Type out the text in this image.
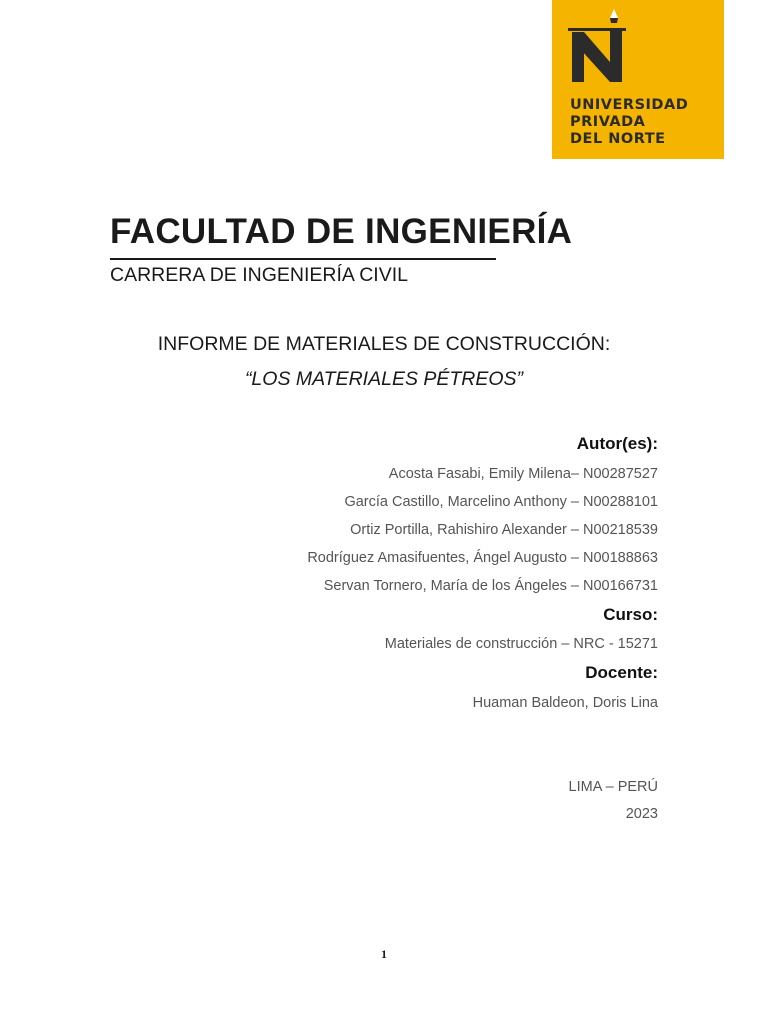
UNIVERSIDAD
PRIVADA
DEL NORTE

FACULTAD DE INGENIERÍA

CARRERA DE INGENIERÍA CIVIL

INFORME DE MATERIALES DE CONSTRUCCIÓN:

“LOS MATERIALES PÉTREOS”

Autor(es):

Acosta Fasabi, Emily Milena– N00287527

García Castillo, Marcelino Anthony – N00288101

Ortiz Portilla, Rahishiro Alexander – N00218539

Rodríguez Amasifuentes, Ángel Augusto – N00188863

Servan Tornero, María de los Ángeles – N00166731

Curso:

Materiales de construcción – NRC - 15271

Docente:

Huaman Baldeon, Doris Lina

LIMA – PERÚ

2023

1
